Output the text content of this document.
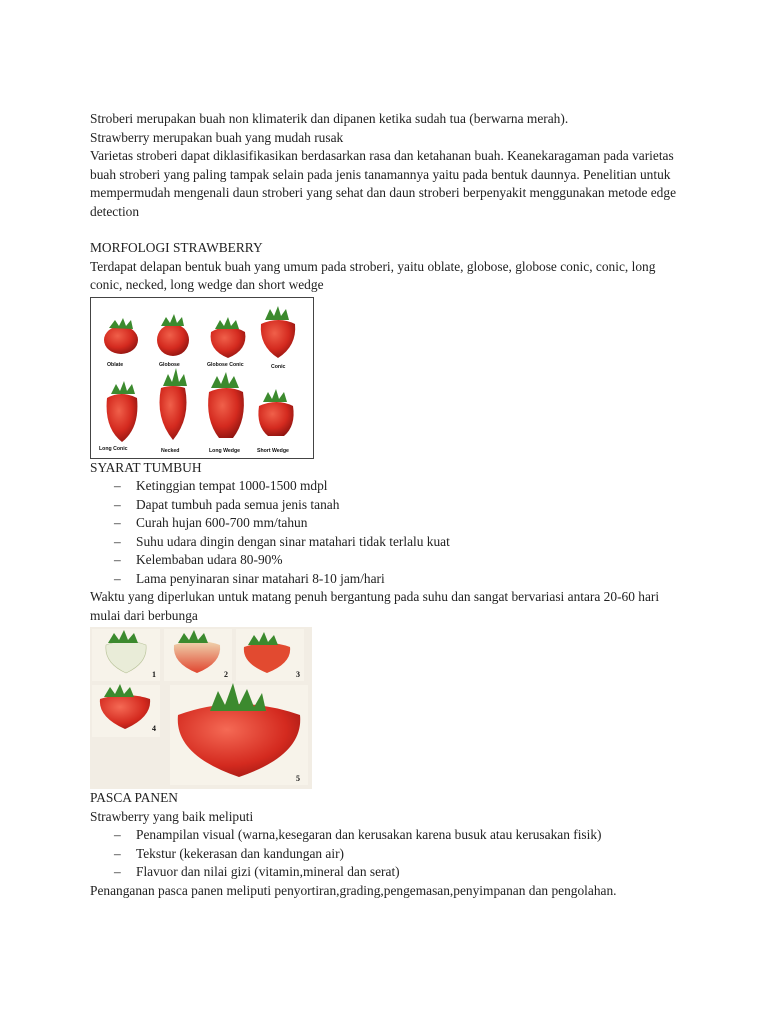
Stroberi merupakan buah non klimaterik dan dipanen ketika sudah tua (berwarna merah).

Strawberry merupakan buah yang mudah rusak

Varietas stroberi dapat diklasifikasikan berdasarkan rasa dan ketahanan buah. Keanekaragaman pada varietas buah stroberi yang paling tampak selain pada jenis tanamannya yaitu pada bentuk daunnya. Penelitian untuk mempermudah mengenali daun stroberi yang sehat dan daun stroberi berpenyakit menggunakan metode edge detection

MORFOLOGI STRAWBERRY

Terdapat delapan bentuk buah yang umum pada stroberi, yaitu oblate, globose, globose conic, conic, long conic, necked, long wedge dan short wedge

Oblate	Globose	Globose Conic	Conic
Long Conic	Necked	Long Wedge	Short Wedge

SYARAT TUMBUH

– Ketinggian tempat 1000-1500 mdpl
– Dapat tumbuh pada semua jenis tanah
– Curah hujan 600-700 mm/tahun
– Suhu udara dingin dengan sinar matahari tidak terlalu kuat
– Kelembaban udara 80-90%
– Lama penyinaran sinar matahari 8-10 jam/hari

Waktu yang diperlukan untuk matang penuh bergantung pada suhu dan sangat bervariasi antara 20-60 hari mulai dari berbunga

1	2	3
4
5

PASCA PANEN

Strawberry yang baik meliputi

– Penampilan visual (warna,kesegaran dan kerusakan karena busuk atau kerusakan fisik)
– Tekstur (kekerasan dan kandungan air)
– Flavuor dan nilai gizi (vitamin,mineral dan serat)

Penanganan pasca panen meliputi penyortiran,grading,pengemasan,penyimpanan dan pengolahan.
